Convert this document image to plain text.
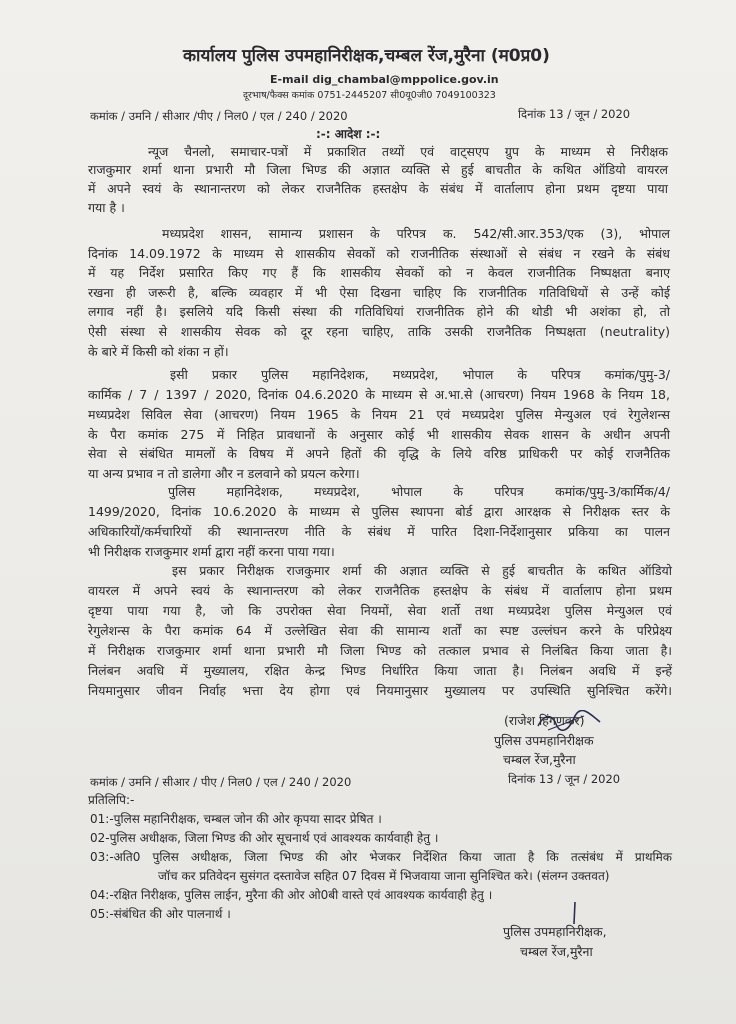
कार्यालय पुलिस उपमहानिरीक्षक,चम्बल रेंज,मुरैना (म0प्र0)
E-mail dig_chambal@mppolice.gov.in
दूरभाष/फैक्स कमांक 0751-2445207 सी0यू0जी0 7049100323
कमांक / उमनि / सीआर /पीए / निल0 / एल / 240 / 2020	दिनांक 13 / जून / 2020
:-: आदेश :-:
न्यूज चैनलो, समाचार-पत्रों में प्रकाशित तथ्यों एवं वाट्सएप ग्रुप के माध्यम से निरीक्षक
राजकुमार शर्मा थाना प्रभारी मौ जिला भिण्ड की अज्ञात व्यक्ति से हुई बाचतीत के कथित ऑडियो वायरल
में अपने स्वयं के स्थानान्तरण को लेकर राजनैतिक हस्तक्षेप के संबंध में वार्तालाप होना प्रथम दृष्टया पाया
गया है ।
मध्यप्रदेश शासन, सामान्य प्रशासन के परिपत्र क. 542/सी.आर.353/एक (3), भोपाल
दिनांक 14.09.1972 के माध्यम से शासकीय सेवकों को राजनीतिक संस्थाओं से संबंध न रखने के संबंध
में यह निर्देश प्रसारित किए गए हैं कि शासकीय सेवकों को न केवल राजनीतिक निष्पक्षता बनाए
रखना ही जरूरी है, बल्कि व्यवहार में भी ऐसा दिखना चाहिए कि राजनीतिक गतिविधियों से उन्हें कोई
लगाव नहीं है। इसलिये यदि किसी संस्था की गतिविधियां राजनीतिक होने की थोडी भी अशंका हो, तो
ऐसी संस्था से शासकीय सेवक को दूर रहना चाहिए, ताकि उसकी राजनैतिक निष्पक्षता (neutrality)
के बारे में किसी को शंका न हों।
इसी प्रकार पुलिस महानिदेशक, मध्यप्रदेश, भोपाल के परिपत्र कमांक/पुमु-3/
कार्मिक / 7 / 1397 / 2020, दिनांक 04.6.2020 के माध्यम से अ.भा.से (आचरण) नियम 1968 के नियम 18,
मध्यप्रदेश सिविल सेवा (आचरण) नियम 1965 के नियम 21 एवं मध्यप्रदेश पुलिस मेन्युअल एवं रेगुलेशन्स
के पैरा कमांक 275 में निहित प्रावधानों के अनुसार कोई भी शासकीय सेवक शासन के अधीन अपनी
सेवा से संबंधित मामलों के विषय में अपने हितों की वृद्धि के लिये वरिष्ठ प्राधिकरी पर कोई राजनैतिक
या अन्य प्रभाव न तो डालेगा और न डलवाने को प्रयत्न करेगा।
पुलिस महानिदेशक, मध्यप्रदेश, भोपाल के परिपत्र कमांक/पुमु-3/कार्मिक/4/
1499/2020, दिनांक 10.6.2020 के माध्यम से पुलिस स्थापना बोर्ड द्वारा आरक्षक से निरीक्षक स्तर के
अधिकारियों/कर्मचारियों की स्थानान्तरण नीति के संबंध में पारित दिशा-निर्देशानुसार प्रकिया का पालन
भी निरीक्षक राजकुमार शर्मा द्वारा नहीं करना पाया गया।
इस प्रकार निरीक्षक राजकुमार शर्मा की अज्ञात व्यक्ति से हुई बाचतीत के कथित ऑडियो
वायरल में अपने स्वयं के स्थानान्तरण को लेकर राजनैतिक हस्तक्षेप के संबंध में वार्तालाप होना प्रथम
दृष्टया पाया गया है, जो कि उपरोक्त सेवा नियमों, सेवा शर्तो तथा मध्यप्रदेश पुलिस मेन्युअल एवं
रेगुलेशन्स के पैरा कमांक 64 में उल्लेखित सेवा की सामान्य शर्तों का स्पष्ट उल्लंघन करने के परिप्रेक्ष्य
में निरीक्षक राजकुमार शर्मा थाना प्रभारी मौ जिला भिण्ड को तत्काल प्रभाव से निलंबित किया जाता है।
निलंबन अवधि में मुख्यालय, रक्षित केन्द्र भिण्ड निर्धारित किया जाता है। निलंबन अवधि में इन्हें
नियमानुसार जीवन निर्वाह भत्ता देय होगा एवं नियमानुसार मुख्यालय पर उपस्थिति सुनिश्चित करेंगे।
(राजेश हिंगणकर)
पुलिस उपमहानिरीक्षक
चम्बल रेंज,मुरैना
कमांक / उमनि / सीआर / पीए / निल0 / एल / 240 / 2020	दिनांक 13 / जून / 2020
प्रतिलिपि:-
01:-पुलिस महानिरीक्षक, चम्बल जोन की ओर कृपया सादर प्रेषित ।
02-पुलिस अधीक्षक, जिला भिण्ड की ओर सूचनार्थ एवं आवश्यक कार्यवाही हेतु ।
03:-अति0 पुलिस अधीक्षक, जिला भिण्ड की ओर भेजकर निर्देशित किया जाता है कि तत्संबंध में प्राथमिक
जॉच कर प्रतिवेदन सुसंगत दस्तावेज सहित 07 दिवस में भिजवाया जाना सुनिश्चित करे। (संलग्न उक्तवत)
04:-रक्षित निरीक्षक, पुलिस लाईन, मुरैना की ओर ओ0बी वास्ते एवं आवश्यक कार्यवाही हेतु ।
05:-संबंधित की ओर पालनार्थ ।
पुलिस उपमहानिरीक्षक,
चम्बल रेंज,मुरैना
